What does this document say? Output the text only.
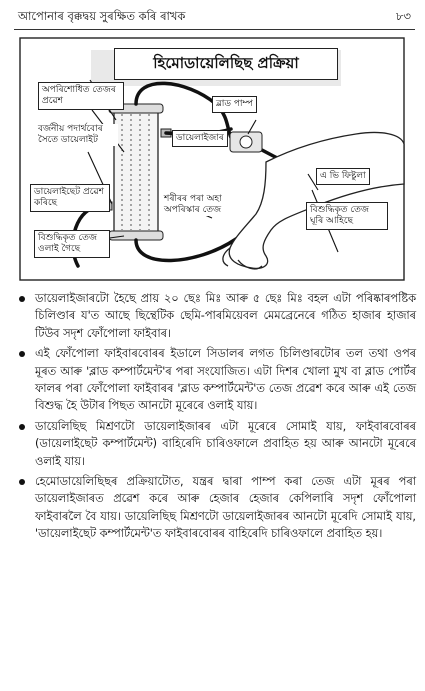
আপোনাৰ বৃক্কদ্বয় সুৰক্ষিত কৰি ৰাখক	৮৩
হিমোডায়েলিছিছ প্ৰক্ৰিয়া
অপৰিশোধিত তেজৰ প্ৰৱেশ
বৰ্জনীয় পদাৰ্থবোৰ সৈতে ডায়েলাইট
ডায়েলাইছেট প্ৰৱেশ কৰিছে
বিশুদ্ধিকৃত তেজ ওলাই গৈছে
ডায়েলাইজাৰ
ব্লাড পাম্প
এ ভি ফিষ্টুলা
শৰীৰৰ পৰা অহা অপৰিস্কাৰ তেজ	বিশুদ্ধিকৃত তেজ ঘূৰি আহিছে
ডায়েলাইজাৰটো হৈছে প্ৰায় ২০ ছেঃ মিঃ আৰু ৫ ছেঃ মিঃ বহল এটা পৰিষ্কাৰপষ্টিক চিলিণ্ডাৰ য'ত আছে ছিন্থেটিক ছেমি-পাৰমিয়েবল মেমব্ৰেনেৰে গঠিত হাজাৰ হাজাৰ টিউব সদৃশ ফোঁপোলা ফাইবাৰ।
এই ফোঁপোলা ফাইবাৰবোৰৰ ইডালে সিডালৰ লগত চিলিণ্ডাৰটোৰ তল তথা ওপৰ মূৰত আৰু 'ব্লাড কম্পাৰ্টমেন্ট'ৰ পৰা সংযোজিত। এটা দিশৰ খোলা মুখ বা ব্লাড পোৰ্টৰ ফালৰ পৰা ফোঁপোলা ফাইবাৰৰ 'ব্লাড কম্পাৰ্টমেন্ট'ত তেজ প্ৰৱেশ কৰে আৰু এই তেজ বিশুদ্ধ হৈ উটাৰ পিছত আনটো মূৰেৰে ওলাই যায়।
ডায়েলিছিছ মিশ্ৰণটো ডায়েলাইজাৰৰ এটা মূৰেৰে সোমাই যায়, ফাইবাৰবোৰৰ (ডায়েলাইছেট কম্পাৰ্টমেন্ট) বাহিৰেদি চাৰিওফালে প্ৰবাহিত হয় আৰু আনটো মূৰেৰে ওলাই যায়।
হেমোডায়েলিছিছৰ প্ৰক্ৰিয়াটোত, যন্ত্ৰৰ দ্বাৰা পাম্প কৰা তেজ এটা মূৰৰ পৰা ডায়েলাইজাৰত প্ৰৱেশ কৰে আৰু হেজাৰ হেজাৰ কেপিলাৰি সদৃশ ফোঁপোলা ফাইবাৰলৈ বৈ যায়। ডায়েলিছিছ মিশ্ৰণটো ডায়েলাইজাৰৰ আনটো মূৰেদি সোমাই যায়, 'ডায়েলাইছেট কম্পাৰ্টমেন্ট'ত ফাইবাৰবোৰৰ বাহিৰেদি চাৰিওফালে প্ৰবাহিত হয়।
